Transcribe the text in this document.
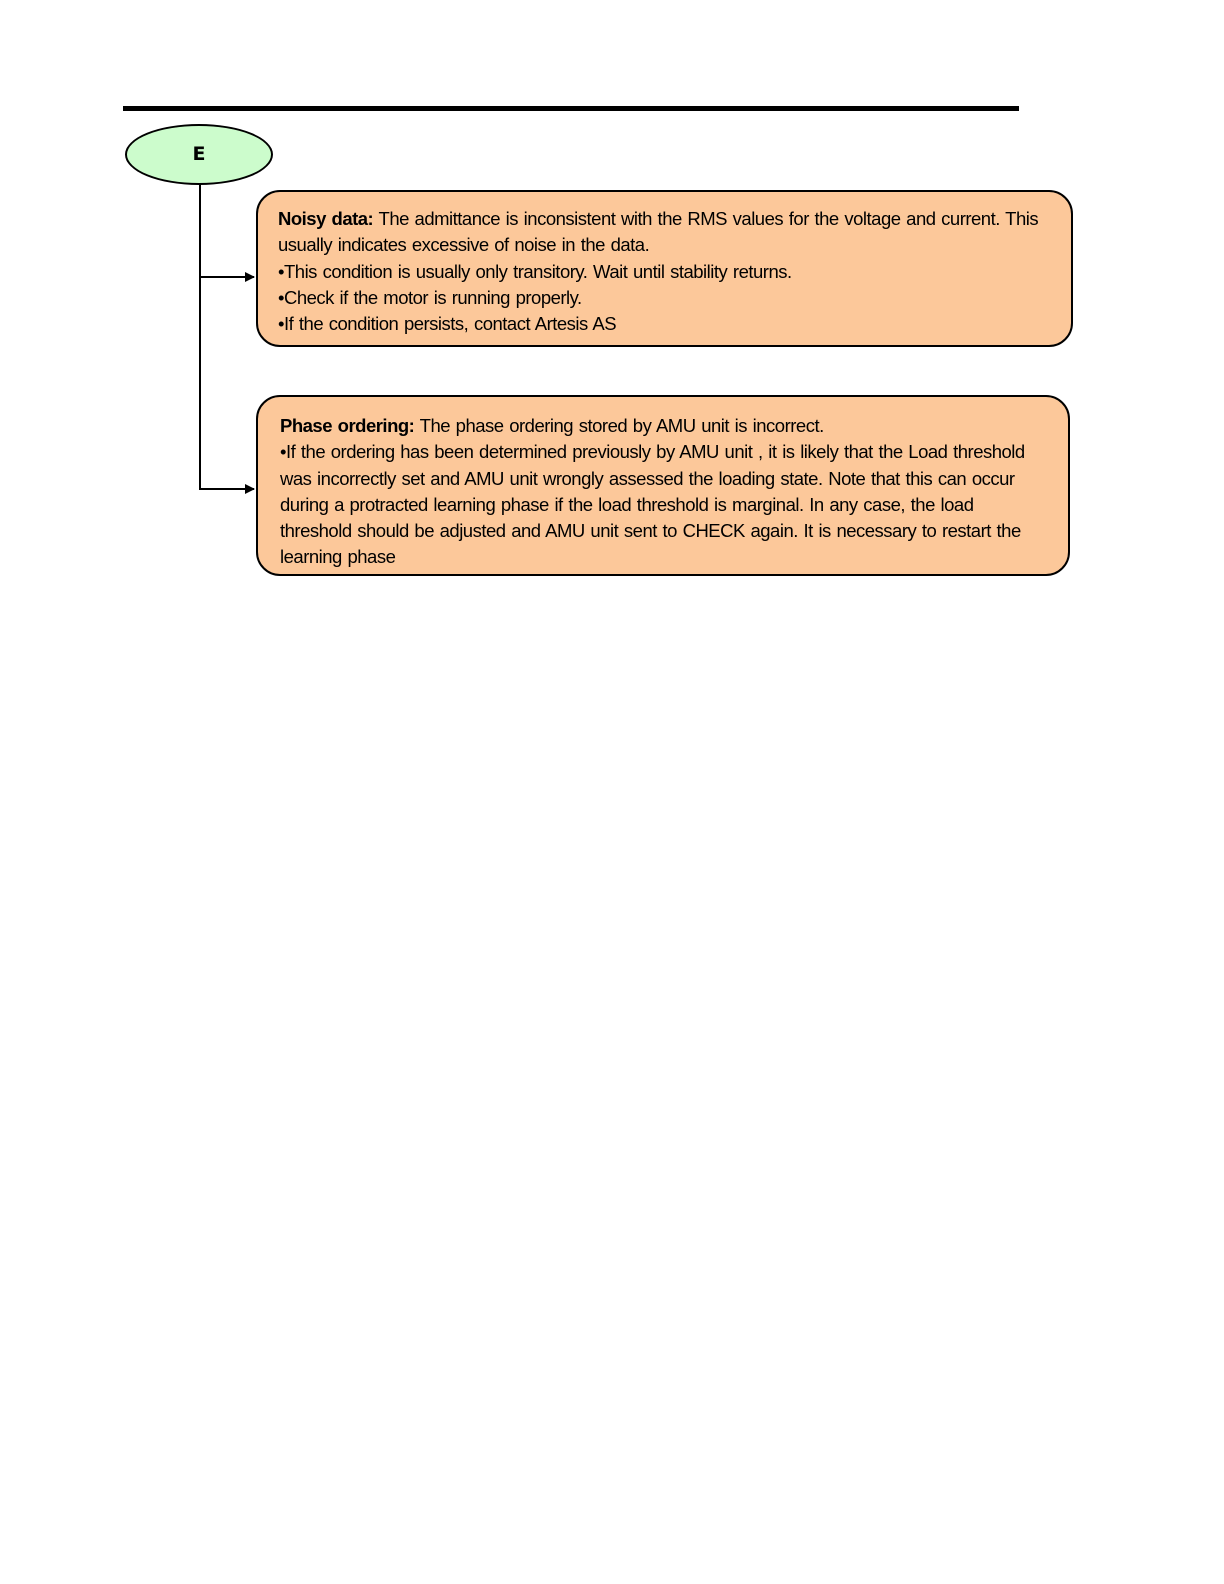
E

Noisy data: The admittance is inconsistent with the RMS values for the voltage and current. This usually indicates excessive of noise in the data.

•This condition is usually only transitory. Wait until stability returns.

•Check if the motor is running properly.

•If the condition persists, contact Artesis AS

Phase ordering: The phase ordering stored by AMU unit is incorrect.

•If the ordering has been determined previously by AMU unit , it is likely that the Load threshold was incorrectly set and AMU unit wrongly assessed the loading state. Note that this can occur during a protracted learning phase if the load threshold is marginal. In any case, the load threshold should be adjusted and AMU unit sent to CHECK again. It is necessary to restart the learning phase
